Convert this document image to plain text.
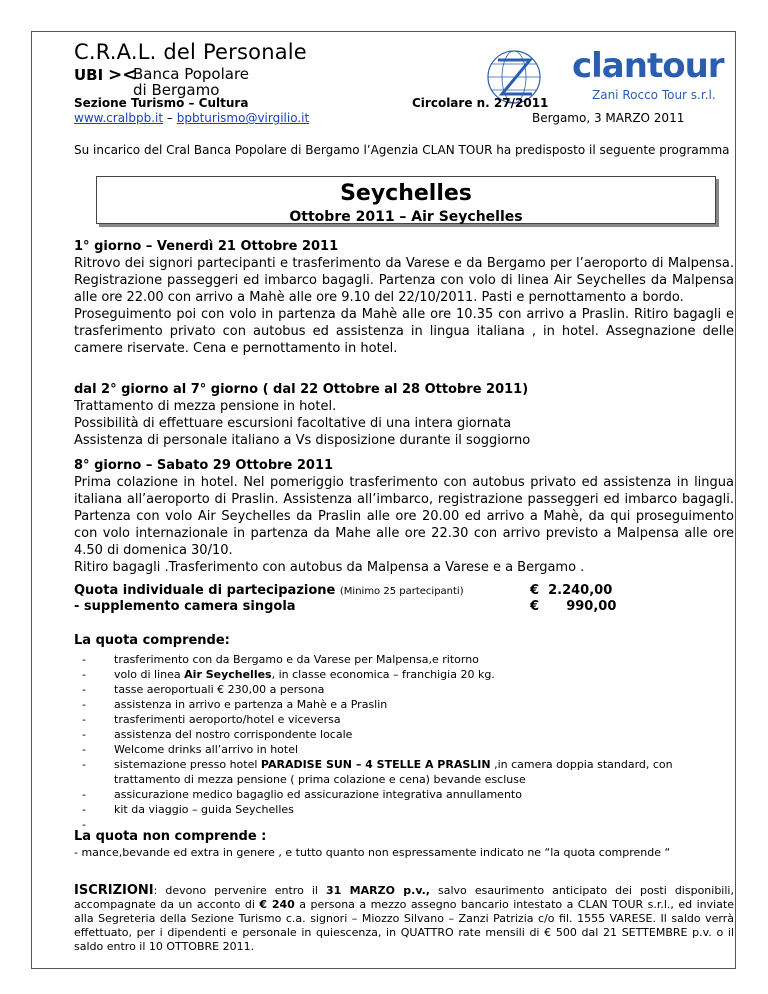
C.R.A.L. del Personale
UBI ><
Banca Popolare
di Bergamo
Sezione Turismo – Cultura
www.cralbpb.it – bpbturismo@virgilio.it
clantour
Zani Rocco Tour s.r.l.
Circolare n. 27/2011
Bergamo, 3 MARZO 2011
Su incarico del Cral Banca Popolare di Bergamo l’Agenzia CLAN TOUR ha predisposto il seguente programma
Seychelles
Ottobre 2011 – Air Seychelles

1° giorno – Venerdì 21 Ottobre 2011

Ritrovo dei signori partecipanti e trasferimento da Varese e da Bergamo per l’aeroporto di Malpensa. Registrazione passeggeri ed imbarco bagagli. Partenza con volo di linea Air Seychelles da Malpensa alle ore 22.00 con arrivo a Mahè alle ore 9.10 del 22/10/2011. Pasti e pernottamento a bordo.

Proseguimento poi con volo in partenza da Mahè alle ore 10.35 con arrivo a Praslin. Ritiro bagagli e trasferimento privato con autobus ed assistenza in lingua italiana , in hotel. Assegnazione delle camere riservate. Cena e pernottamento in hotel.

dal 2° giorno al 7° giorno ( dal 22 Ottobre al 28 Ottobre 2011)

Trattamento di mezza pensione in hotel.

Possibilità di effettuare escursioni facoltative di una intera giornata

Assistenza di personale italiano a Vs disposizione durante il soggiorno

8° giorno – Sabato 29 Ottobre 2011

Prima colazione in hotel. Nel pomeriggio trasferimento con autobus privato ed assistenza in lingua italiana all’aeroporto di Praslin. Assistenza all’imbarco, registrazione passeggeri ed imbarco bagagli. Partenza con volo Air Seychelles da Praslin alle ore 20.00 ed arrivo a Mahè, da qui proseguimento con volo internazionale in partenza da Mahe alle ore 22.30 con arrivo previsto a Malpensa alle ore 4.50 di domenica 30/10.

Ritiro bagagli .Trasferimento con autobus da Malpensa a Varese e a Bergamo .

Quota individuale di partecipazione (Minimo 25 partecipanti)	€  2.240,00
- supplemento camera singola	€      990,00

La quota comprende:

-	trasferimento con da Bergamo e da Varese per Malpensa,e ritorno
-	volo di linea Air Seychelles, in classe economica – franchigia 20 kg.
-	tasse aeroportuali € 230,00 a persona
-	assistenza in arrivo e partenza a Mahè e a Praslin
-	trasferimenti aeroporto/hotel e viceversa
-	assistenza del nostro corrispondente locale
-	Welcome drinks all’arrivo in hotel
-	sistemazione presso hotel PARADISE SUN – 4 STELLE A PRASLIN ,in camera doppia standard, con trattamento di mezza pensione ( prima colazione e cena) bevande escluse
-	assicurazione medico bagaglio ed assicurazione integrativa annullamento
-	kit da viaggio – guida Seychelles
-

La quota non comprende :

- mance,bevande ed extra in genere , e tutto quanto non espressamente indicato ne “la quota comprende “
ISCRIZIONI: devono pervenire entro il 31 MARZO p.v., salvo esaurimento anticipato dei posti disponibili, accompagnate da un acconto di € 240 a persona a mezzo assegno bancario intestato a CLAN TOUR s.r.l., ed inviate alla Segreteria della Sezione Turismo c.a. signori – Miozzo Silvano – Zanzi Patrizia c/o fil. 1555 VARESE. Il saldo verrà effettuato, per i dipendenti e personale in quiescenza, in QUATTRO rate mensili di € 500 dal 21 SETTEMBRE p.v. o il saldo entro il 10 OTTOBRE 2011.
